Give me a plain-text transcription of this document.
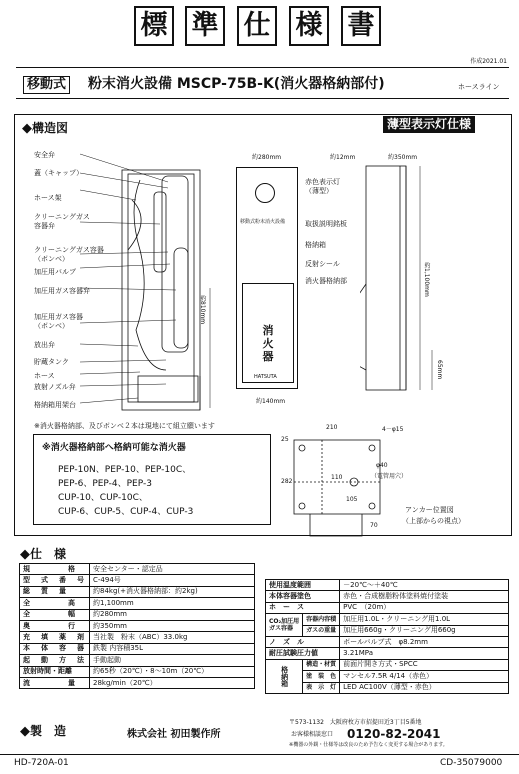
標 準 仕 様 書
作成2021.01
移動式 粉末消火設備 MSCP-75B-K(消火器格納部付)	ホースライン
薄型表示灯仕様
◆構造図
安全弁
蓋（キャップ）
ホース架
クリーニングガス
容器弁
クリーニングガス容器
（ボンベ）
加圧用バルブ
加圧用ガス容器弁
加圧用ガス容器
（ボンベ）
放出弁
貯蔵タンク
ホース
放射ノズル弁
格納箱用架台
約810mm
約280mm	約12mm	約350mm
移動式粉末消火設備
消火器
HATSUTA
約140mm
赤色表示灯
（薄型）
取扱説明銘板
格納箱
反射シール
消火器格納部	約1,100mm
65mm
※消火器格納部、及びボンベ２本は現地にて組立願います
※消火器格納部へ格納可能な消火器
PEP-10N、PEP-10、PEP-10C、
PEP-6、PEP-4、PEP-3
CUP-10、CUP-10C、
CUP-6、CUP-5、CUP-4、CUP-3
210
25
4－φ15
282
110
φ40
（電管用穴）
105
70
アンカー位置図
（上部からの視点）
◆仕　様
規　　　　格	安全センター・認定品
型　式　番　号	C-494号
総　質　量	約84kg(+消火器格納部：約2kg)
全　　　　高	約1,100mm
全　　　　幅	約280mm
奥　　　　行	約350mm
充　填　薬　剤	当社製　粉末（ABC）33.0kg
本　体　容　器	鉄製 内容積35L
起　動　方　法	手動起動
放射時間・距離	約65秒（20℃）・8～10m（20℃）
流　　　　量	28kg/min（20℃）
使用温度範囲		－20℃～＋40℃
本体容器塗色		赤色・合成樹脂粉体塗料焼付塗装
ホ　ー　ス		PVC　（20m）
CO₂加圧用
ガス容器	容器内容積	加圧用1.0L・クリーニング用1.0L
	ガスの重量	加圧用660g・クリーニング用660g
ノ　ズ　ル		ボールバルブ式　φ8.2mm
耐圧試験圧力値		3.21MPa
格納箱	構造・材質	前面片開き方式・SPCC
	塗　装　色	マンセル7.5R 4/14（赤色）
	表　示　灯	LED AC100V（薄型・赤色）
◆製　造	株式会社 初田製作所
〒573-1132　大阪府枚方市招提田近3丁目5番地
お客様相談窓口 0120-82-2041
※機器の外観・仕様等は改良のため予告なく変更する場合があります。
HD-720A-01	CD-35079000
